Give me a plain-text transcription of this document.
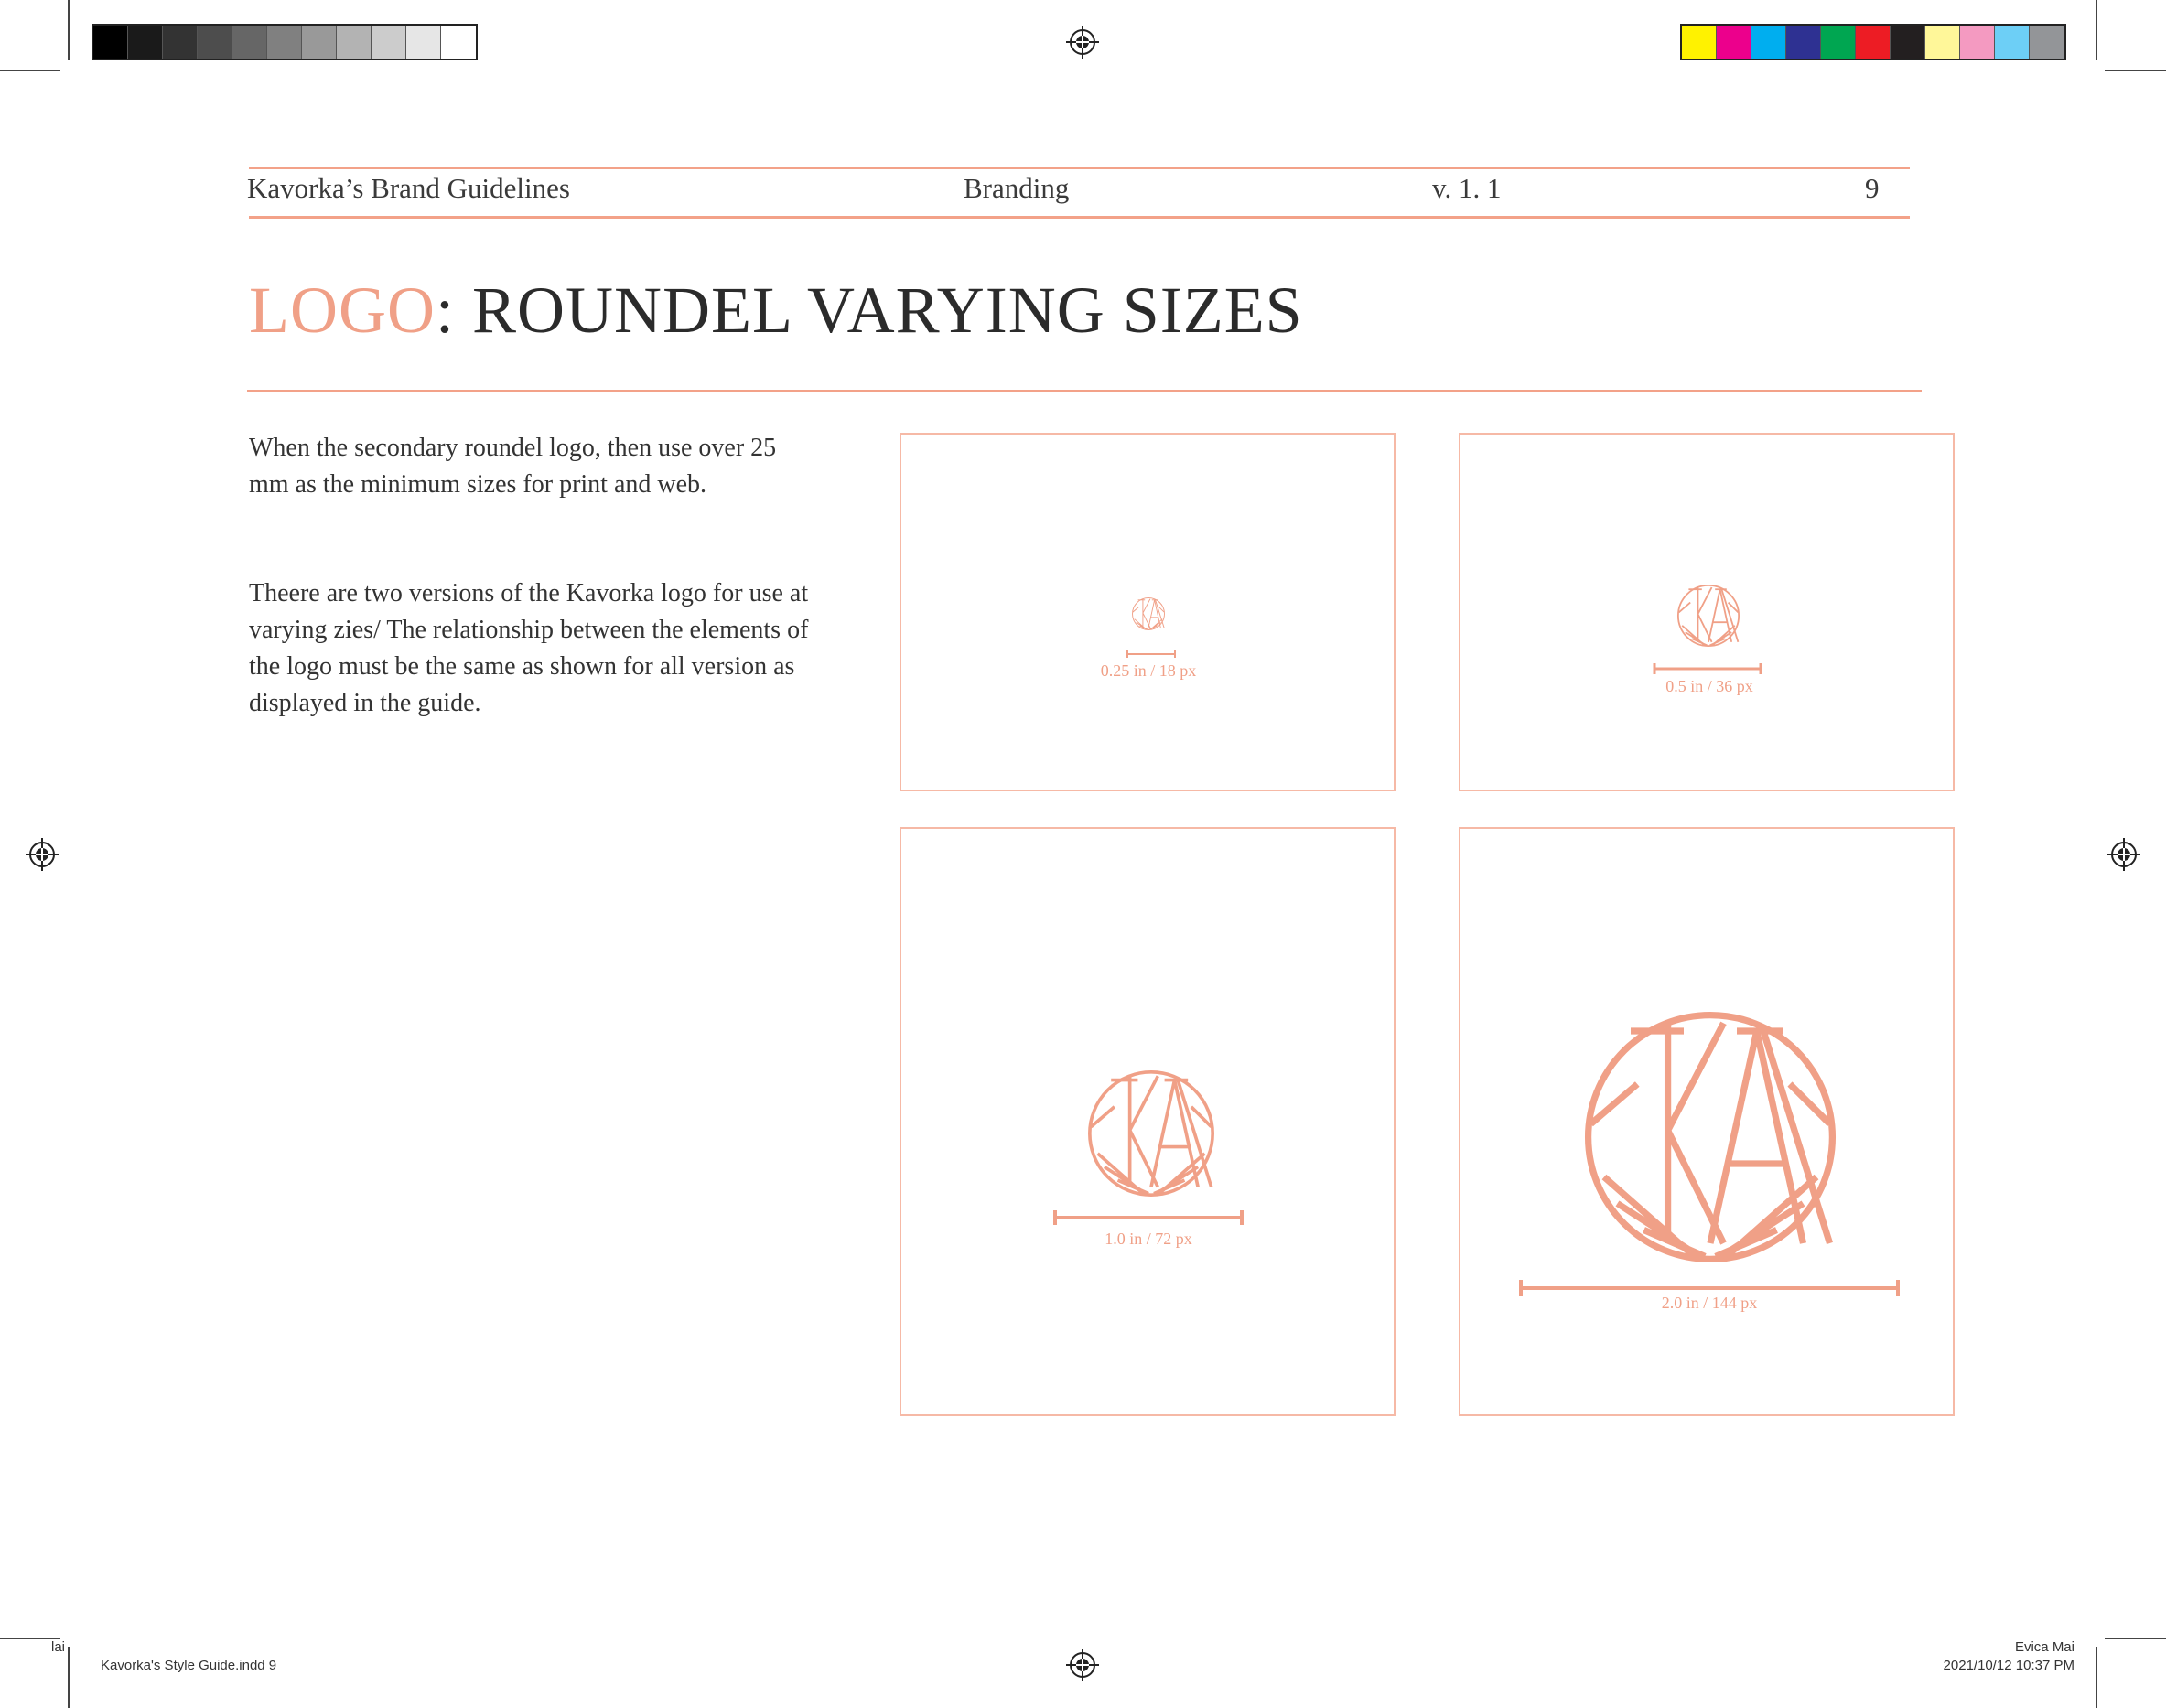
Kavorka’s Brand Guidelines	Branding	v. 1. 1	9
LOGO: ROUNDEL VARYING SIZES
When the secondary roundel logo, then use over 25 mm as the minimum sizes for print and web.
Theere are two versions of the Kavorka logo for use at varying zies/ The relationship between the elements of the logo must be the same as shown for all version as displayed in the guide.
0.25 in / 18 px
0.5 in / 36 px
1.0 in / 72 px
2.0 in / 144 px
lai
Kavorka's Style Guide.indd 9
Evica Mai
2021/10/12 10:37 PM
